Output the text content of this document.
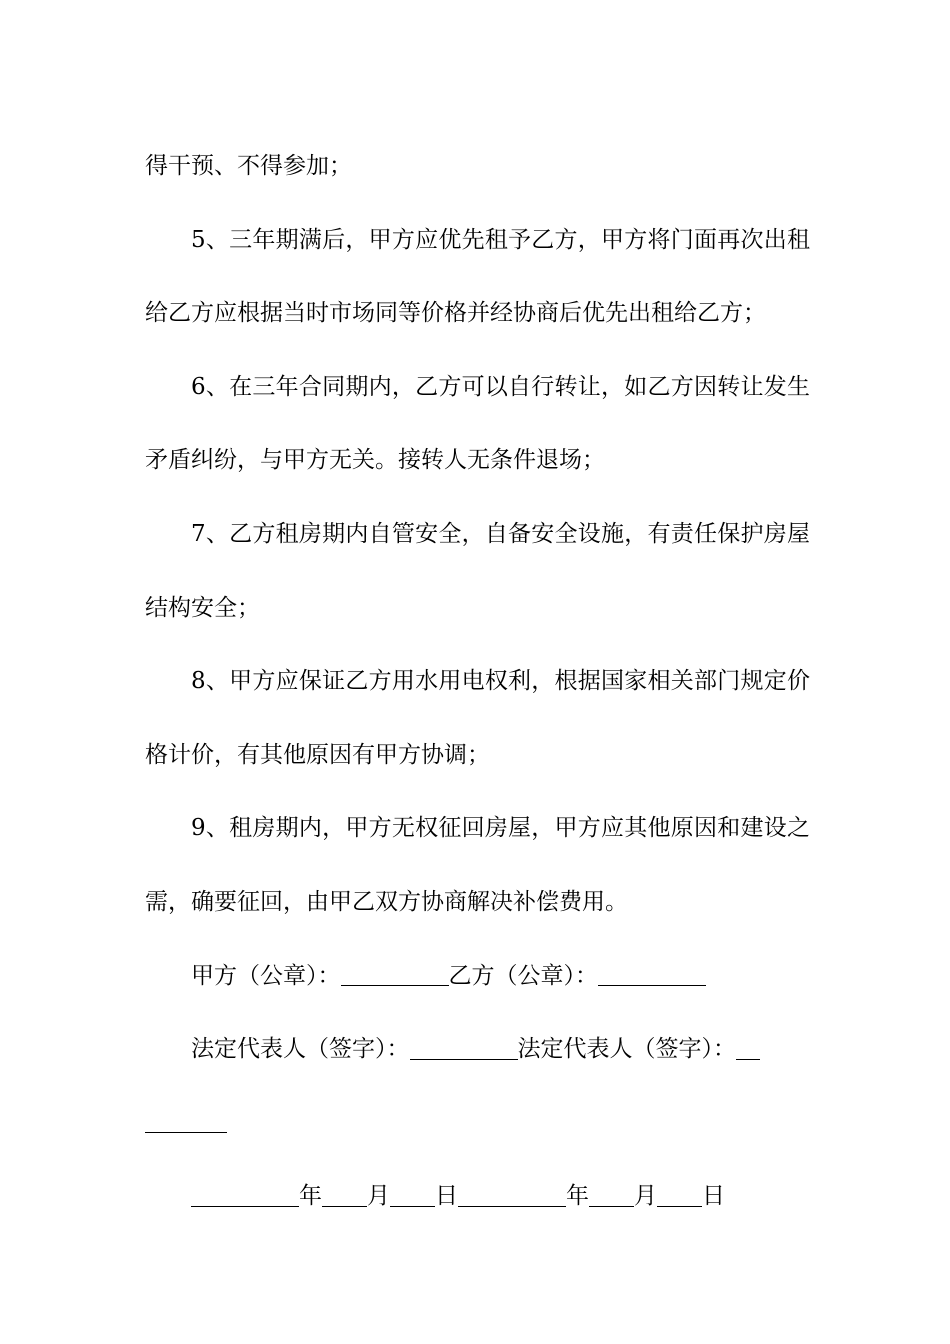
得干预、不得参加；

5、三年期满后，甲方应优先租予乙方，甲方将门面再次出租给乙方应根据当时市场同等价格并经协商后优先出租给乙方；

6、在三年合同期内，乙方可以自行转让，如乙方因转让发生矛盾纠纷，与甲方无关。接转人无条件退场；

7、乙方租房期内自管安全，自备安全设施，有责任保护房屋结构安全；

8、甲方应保证乙方用水用电权利，根据国家相关部门规定价格计价，有其他原因有甲方协调；

9、租房期内，甲方无权征回房屋，甲方应其他原因和建设之需，确要征回，由甲乙双方协商解决补偿费用。

甲方（公章）：	乙方（公章）：

法定代表人（签字）：	法定代表人（签字）：

年 月 日	年 月 日
